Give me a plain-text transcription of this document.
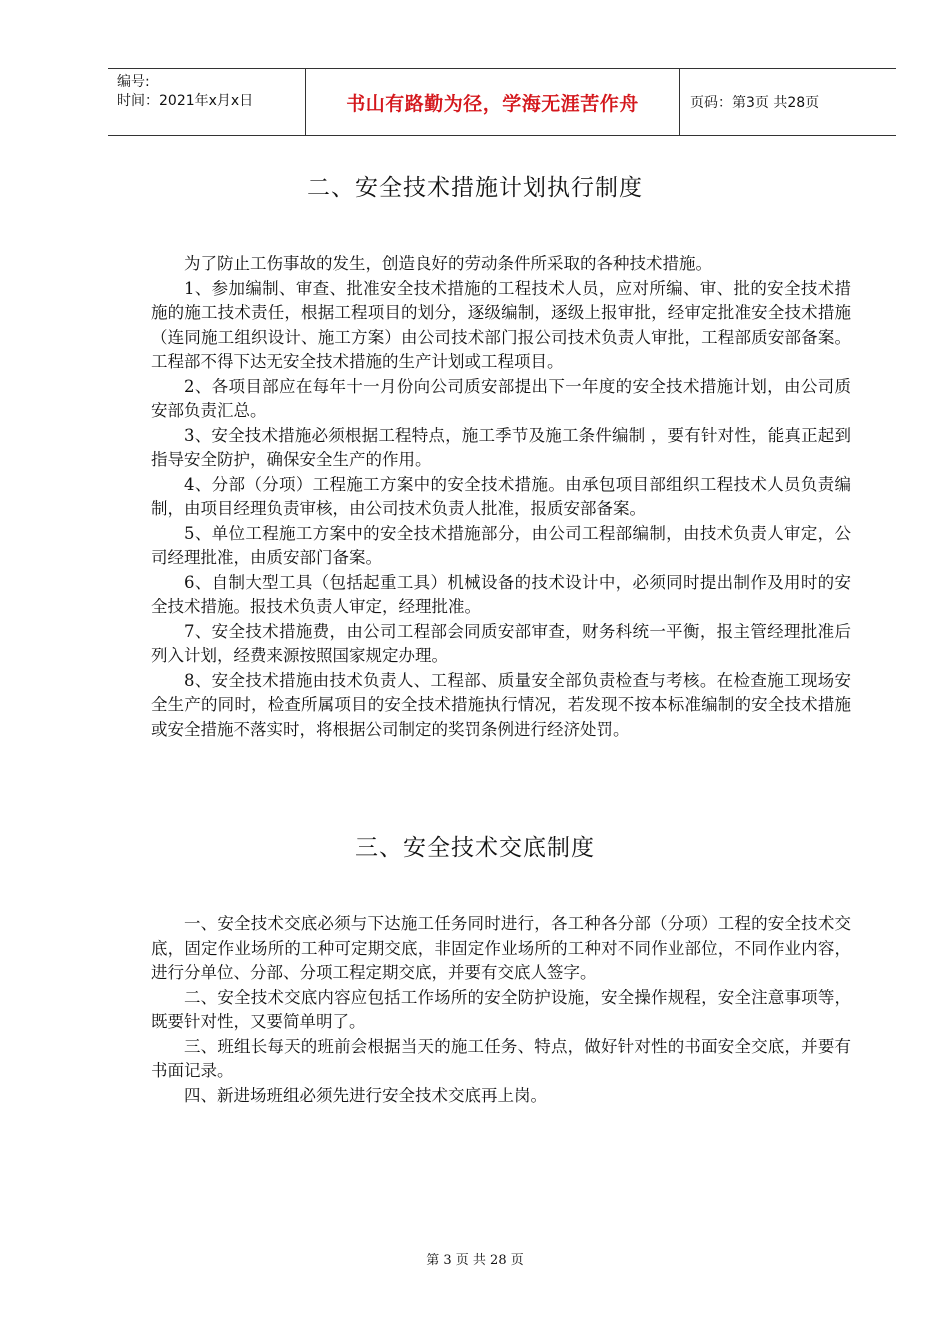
编号:
时间：2021年x月x日	书山有路勤为径，学海无涯苦作舟	页码：第3页 共28页
二、安全技术措施计划执行制度

为了防止工伤事故的发生，创造良好的劳动条件所采取的各种技术措施。

1、参加编制、审查、批准安全技术措施的工程技术人员，应对所编、审、批的安全技术措施的施工技术责任，根据工程项目的划分，逐级编制，逐级上报审批，经审定批准安全技术措施（连同施工组织设计、施工方案）由公司技术部门报公司技术负责人审批，工程部质安部备案。工程部不得下达无安全技术措施的生产计划或工程项目。

2、各项目部应在每年十一月份向公司质安部提出下一年度的安全技术措施计划，由公司质安部负责汇总。

3、安全技术措施必须根据工程特点，施工季节及施工条件编制 ，要有针对性，能真正起到指导安全防护，确保安全生产的作用。

4、分部（分项）工程施工方案中的安全技术措施。由承包项目部组织工程技术人员负责编制，由项目经理负责审核，由公司技术负责人批准，报质安部备案。

5、单位工程施工方案中的安全技术措施部分，由公司工程部编制，由技术负责人审定，公司经理批准，由质安部门备案。

6、自制大型工具（包括起重工具）机械设备的技术设计中，必须同时提出制作及用时的安全技术措施。报技术负责人审定，经理批准。

7、安全技术措施费，由公司工程部会同质安部审查，财务科统一平衡，报主管经理批准后列入计划，经费来源按照国家规定办理。

8、安全技术措施由技术负责人、工程部、质量安全部负责检查与考核。在检查施工现场安全生产的同时，检查所属项目的安全技术措施执行情况，若发现不按本标准编制的安全技术措施或安全措施不落实时，将根据公司制定的奖罚条例进行经济处罚。

三、安全技术交底制度

一、安全技术交底必须与下达施工任务同时进行，各工种各分部（分项）工程的安全技术交底，固定作业场所的工种可定期交底，非固定作业场所的工种对不同作业部位，不同作业内容，进行分单位、分部、分项工程定期交底，并要有交底人签字。

二、安全技术交底内容应包括工作场所的安全防护设施，安全操作规程，安全注意事项等，既要针对性，又要简单明了。

三、班组长每天的班前会根据当天的施工任务、特点，做好针对性的书面安全交底，并要有书面记录。

四、新进场班组必须先进行安全技术交底再上岗。

第 3 页 共 28 页
